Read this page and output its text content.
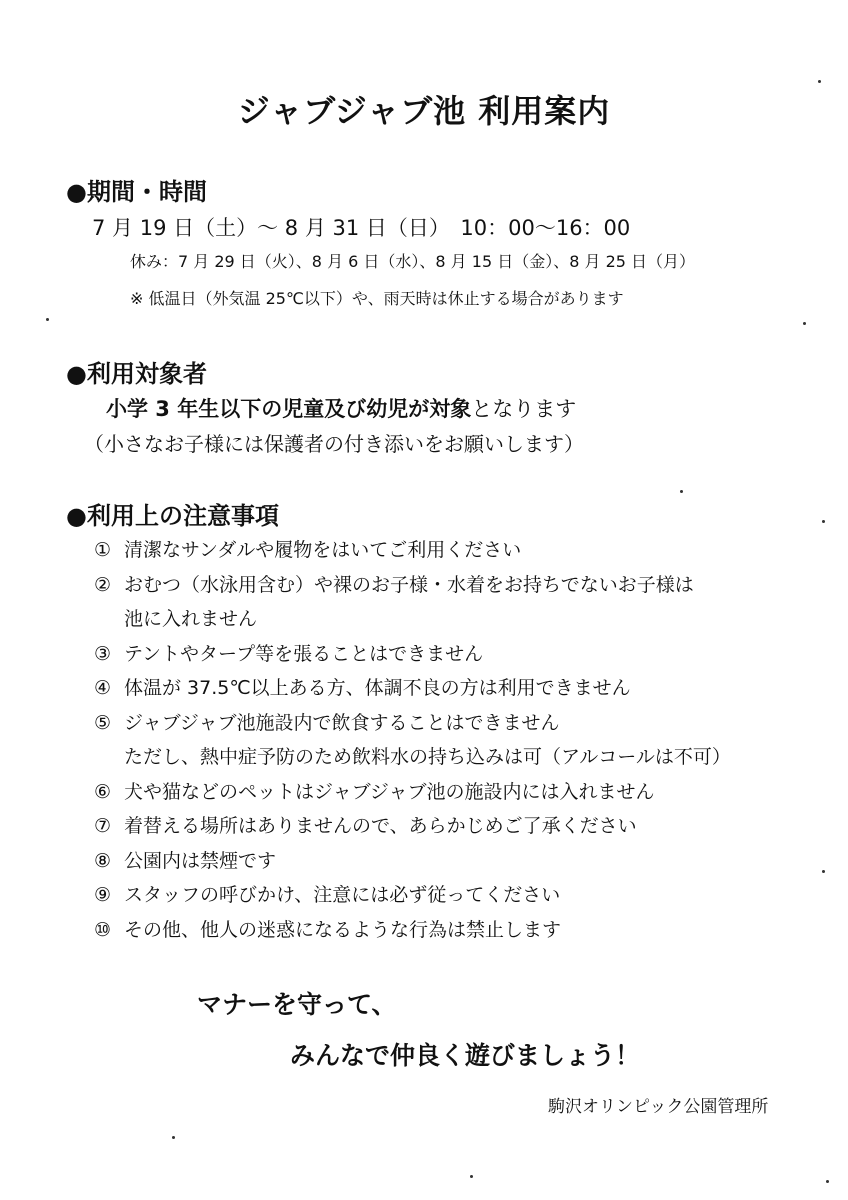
ジャブジャブ池 利用案内
●期間・時間
7 月 19 日（土）～ 8 月 31 日（日）　10：00～16：00
休み：7 月 29 日（火）、8 月 6 日（水）、8 月 15 日（金）、8 月 25 日（月）
※ 低温日（外気温 25℃以下）や、雨天時は休止する場合があります
●利用対象者
小学 3 年生以下の児童及び幼児が対象となります
（小さなお子様には保護者の付き添いをお願いします）
●利用上の注意事項
① 清潔なサンダルや履物をはいてご利用ください
② おむつ（水泳用含む）や裸のお子様・水着をお持ちでないお子様は
池に入れません
③ テントやタープ等を張ることはできません
④ 体温が 37.5℃以上ある方、体調不良の方は利用できません
⑤ ジャブジャブ池施設内で飲食することはできません
ただし、熱中症予防のため飲料水の持ち込みは可（アルコールは不可）
⑥ 犬や猫などのペットはジャブジャブ池の施設内には入れません
⑦ 着替える場所はありませんので、あらかじめご了承ください
⑧ 公園内は禁煙です
⑨ スタッフの呼びかけ、注意には必ず従ってください
⑩ その他、他人の迷惑になるような行為は禁止します
マナーを守って、
みんなで仲良く遊びましょう！
駒沢オリンピック公園管理所
